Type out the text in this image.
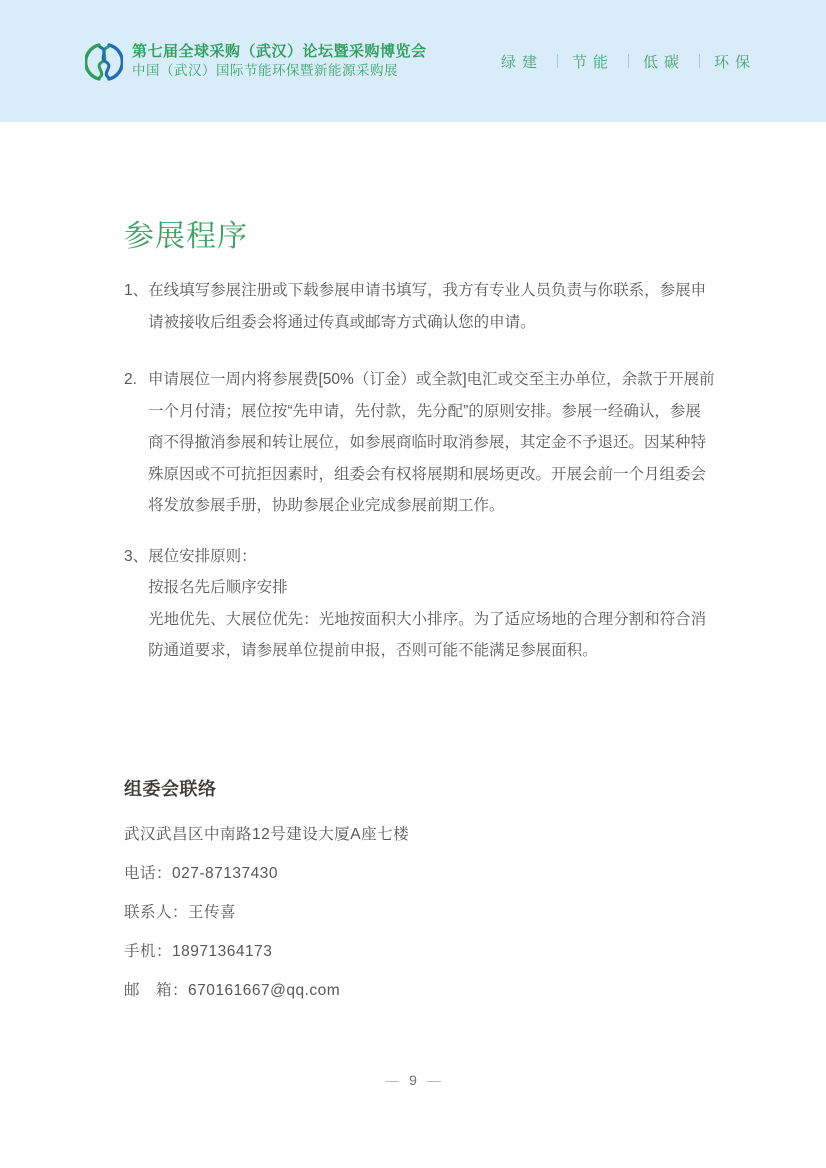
第七届全球采购（武汉）论坛暨采购博览会
中国（武汉）国际节能环保暨新能源采购展
绿建 节能 低碳 环保
参展程序
1、 在线填写参展注册或下载参展申请书填写，我方有专业人员负责与你联系，参展申请被接收后组委会将通过传真或邮寄方式确认您的申请。
2. 申请展位一周内将参展费[50%（订金）或全款]电汇或交至主办单位，余款于开展前一个月付清；展位按“先申请，先付款，先分配”的原则安排。参展一经确认，参展商不得撤消参展和转让展位，如参展商临时取消参展，其定金不予退还。因某种特殊原因或不可抗拒因素时，组委会有权将展期和展场更改。开展会前一个月组委会将发放参展手册，协助参展企业完成参展前期工作。
3、 展位安排原则：
按报名先后顺序安排
光地优先、大展位优先：光地按面积大小排序。为了适应场地的合理分割和符合消防通道要求，请参展单位提前申报，否则可能不能满足参展面积。
组委会联络
武汉武昌区中南路12号建设大厦A座七楼
电话：027-87137430
联系人：王传喜
手机：18971364173
邮　箱：670161667@qq.com
— 9 —
